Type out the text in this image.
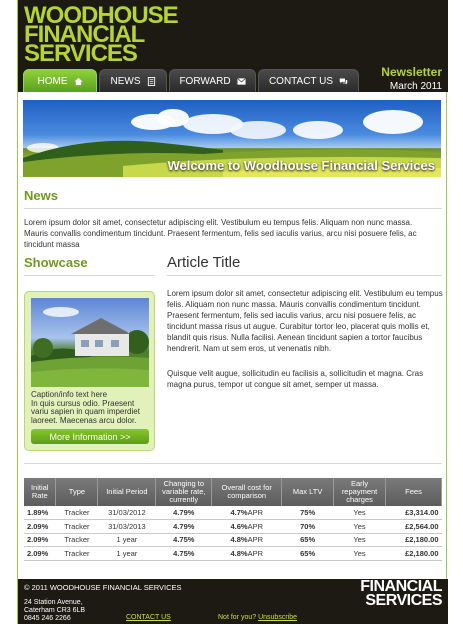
WOODHOUSE
FINANCIAL
SERVICES
Newsletter
March 2011
HOME	NEWS	FORWARD	CONTACT US
Welcome to Woodhouse Financial Services
News
Lorem ipsum dolor sit amet, consectetur adipiscing elit. Vestibulum eu tempus felis. Aliquam non nunc massa. Mauris convallis condimentum tincidunt. Praesent fermentum, felis sed iaculis varius, arcu nisi posuere felis, ac tincidunt massa
Showcase	Article Title
Caption/info text here
In quis cursus odio. Praesent variu sapien in quam imperdiet laoreet. Maecenas arcu dolor.
More Information >>
Lorem ipsum dolor sit amet, consectetur adipiscing elit. Vestibulum eu tempus felis. Aliquam non nunc massa. Mauris convallis condimentum tincidunt. Praesent fermentum, felis sed iaculis varius, arcu nisi posuere felis, ac tincidunt massa risus ut augue. Curabitur tortor leo, placerat quis mollis et, blandit quis risus. Nulla facilisi. Aenean tincidunt sapien a tortor faucibus hendrerit. Nam ut sem eros, ut venenatis nibh.
Quisque velit augue, sollicitudin eu facilisis a, sollicitudin et magna. Cras magna purus, tempor ut congue sit amet, semper ut massa.
Initial Rate	Type	Initial Period	Changing to variable rate, currently	Overall cost for comparison	Max LTV	Early repayment charges	Fees
1.89%	Tracker	31/03/2012	4.79%	4.7%APR	75%	Yes	£3,314.00
2.09%	Tracker	31/03/2013	4.79%	4.6%APR	70%	Yes	£2,564.00
2.09%	Tracker	1 year	4.75%	4.8%APR	65%	Yes	£2,180.00
2.09%	Tracker	1 year	4.75%	4.8%APR	65%	Yes	£2,180.00
© 2011 WOODHOUSE FINANCIAL SERVICES
24 Station Avenue,
Caterham CR3 6LB
0845 246 2266	CONTACT US	Not for you? Unsubscribe
WOODHOUSE
FINANCIAL
SERVICES
